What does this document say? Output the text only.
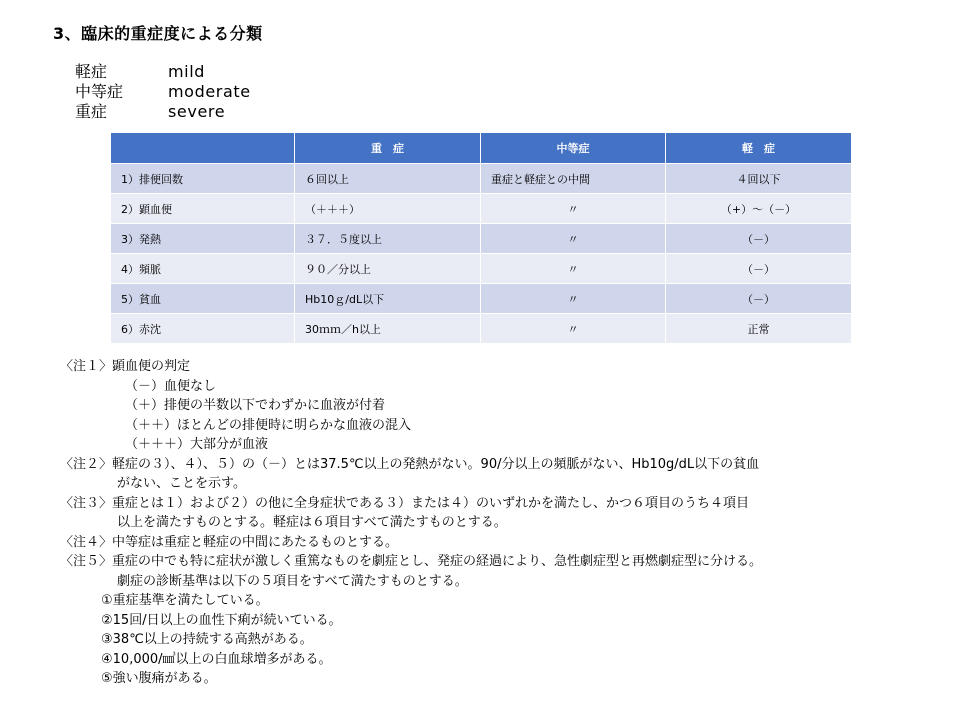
3、臨床的重症度による分類
軽症	mild
中等症	moderate
重症	severe
	重　症	中等症	軽　症
1）排便回数	６回以上	重症と軽症との中間	４回以下
2）顕血便	（＋＋＋）	〃	（+）～（－）
3）発熱	３７．５度以上	〃	（－）
4）頻脈	９０／分以上	〃	（－）
5）貧血	Hb10ｇ/dL以下	〃	（－）
6）赤沈	30ｍｍ／h以上	〃	正常
〈注１〉顕血便の判定
（－）血便なし
（＋）排便の半数以下でわずかに血液が付着
（＋＋）ほとんどの排便時に明らかな血液の混入
（＋＋＋）大部分が血液
〈注２〉軽症の３）、４）、５）の（－）とは37.5℃以上の発熱がない。90/分以上の頻脈がない、Hb10g/dL以下の貧血
がない、ことを示す。
〈注３〉重症とは１）および２）の他に全身症状である３）または４）のいずれかを満たし、かつ６項目のうち４項目
以上を満たすものとする。軽症は６項目すべて満たすものとする。
〈注４〉中等症は重症と軽症の中間にあたるものとする。
〈注５〉重症の中でも特に症状が激しく重篤なものを劇症とし、発症の経過により、急性劇症型と再燃劇症型に分ける。
劇症の診断基準は以下の５項目をすべて満たすものとする。
①重症基準を満たしている。
②15回/日以上の血性下痢が続いている。
③38℃以上の持続する高熱がある。
④10,000/㎣以上の白血球増多がある。
⑤強い腹痛がある。
